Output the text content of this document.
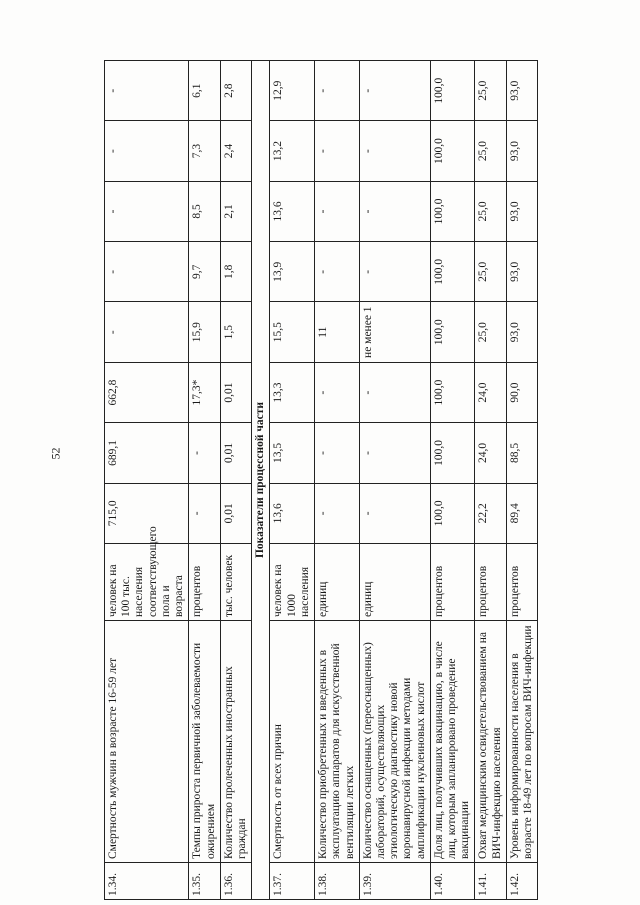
52
1.34.	Смертность мужчин в возрасте 16-59 лет	человек на 100 тыс. населения соответствующего пола и возраста	715,0	689,1	662,8	-	-	-	-	-
1.35.	Темпы прироста первичной заболеваемости ожирением	процентов	-	-	17,3*	15,9	9,7	8,5	7,3	6,1
1.36.	Количество пролеченных иностранных граждан	тыс. человек	0,01	0,01	0,01	1,5	1,8	2,1	2,4	2,8
Показатели процессной части										
1.37.	Смертность от всех причин	человек на 1000 населения	13,6	13,5	13,3	15,5	13,9	13,6	13,2	12,9
1.38.	Количество приобретенных и введенных в эксплуатацию аппаратов для искусственной вентиляции легких	единиц	-	-	-	11	-	-	-	-
1.39.	Количество оснащенных (переоснащенных) лабораторий, осуществляющих этиологическую диагностику новой коронавирусной инфекции методами амплификации нуклеиновых кислот	единиц	-	-	-	не менее 1	-	-	-	-
1.40.	Доля лиц, получивших вакцинацию, в числе лиц, которым запланировано проведение вакцинации	процентов	100,0	100,0	100,0	100,0	100,0	100,0	100,0	100,0
1.41.	Охват медицинским освидетельствованием на ВИЧ-инфекцию населения	процентов	22,2	24,0	24,0	25,0	25,0	25,0	25,0	25,0
1.42.	Уровень информированности населения в возрасте 18-49 лет по вопросам ВИЧ-инфекции	процентов	89,4	88,5	90,0	93,0	93,0	93,0	93,0	93,0
